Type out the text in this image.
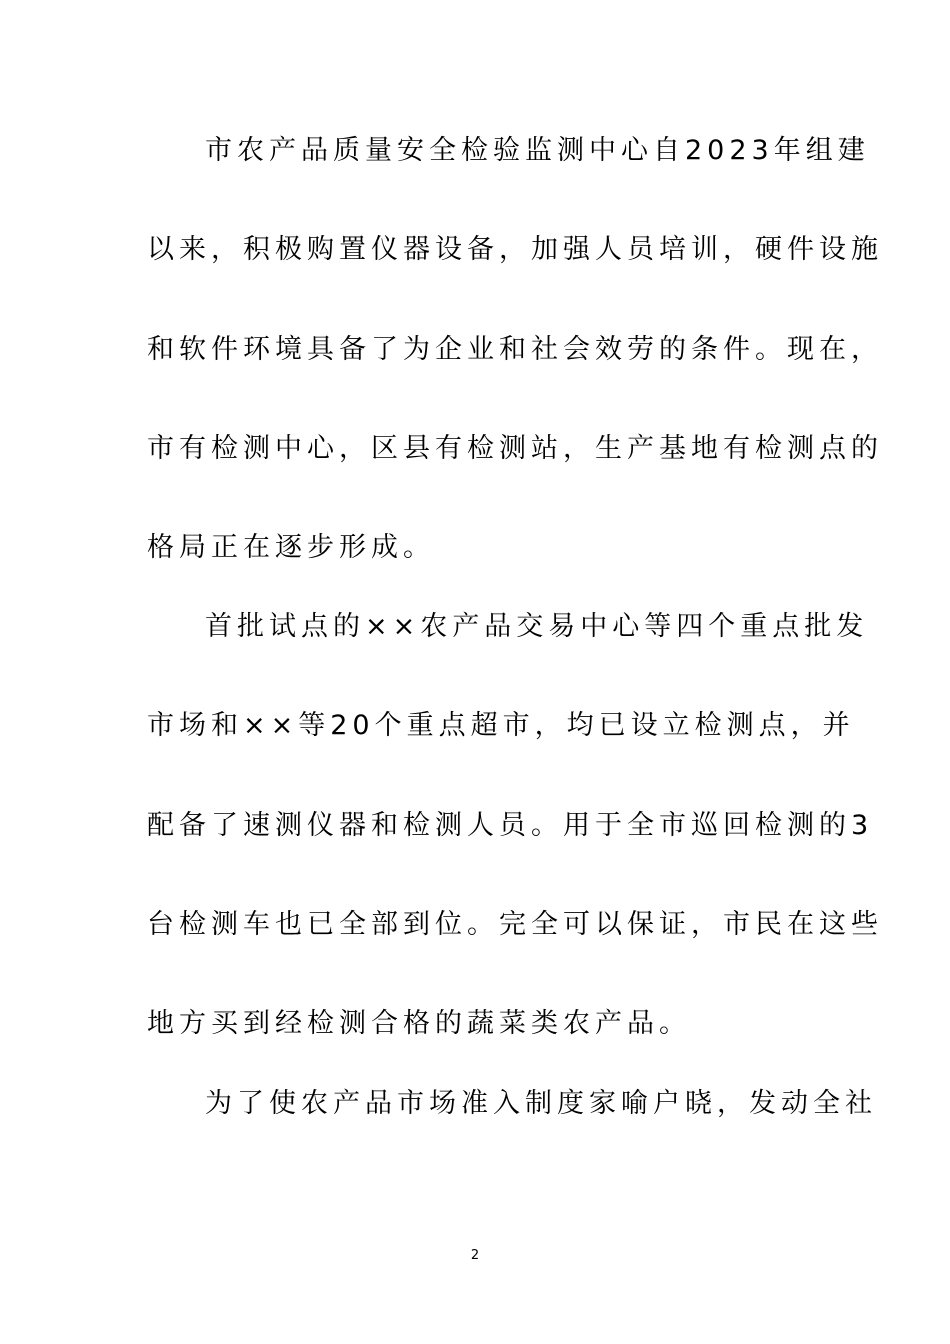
市农产品质量安全检验监测中心自2023年组建
以来，积极购置仪器设备，加强人员培训，硬件设施
和软件环境具备了为企业和社会效劳的条件。现在，
市有检测中心，区县有检测站，生产基地有检测点的
格局正在逐步形成。
首批试点的××农产品交易中心等四个重点批发
市场和××等20个重点超市，均已设立检测点，并
配备了速测仪器和检测人员。用于全市巡回检测的3
台检测车也已全部到位。完全可以保证，市民在这些
地方买到经检测合格的蔬菜类农产品。
为了使农产品市场准入制度家喻户晓，发动全社
2
